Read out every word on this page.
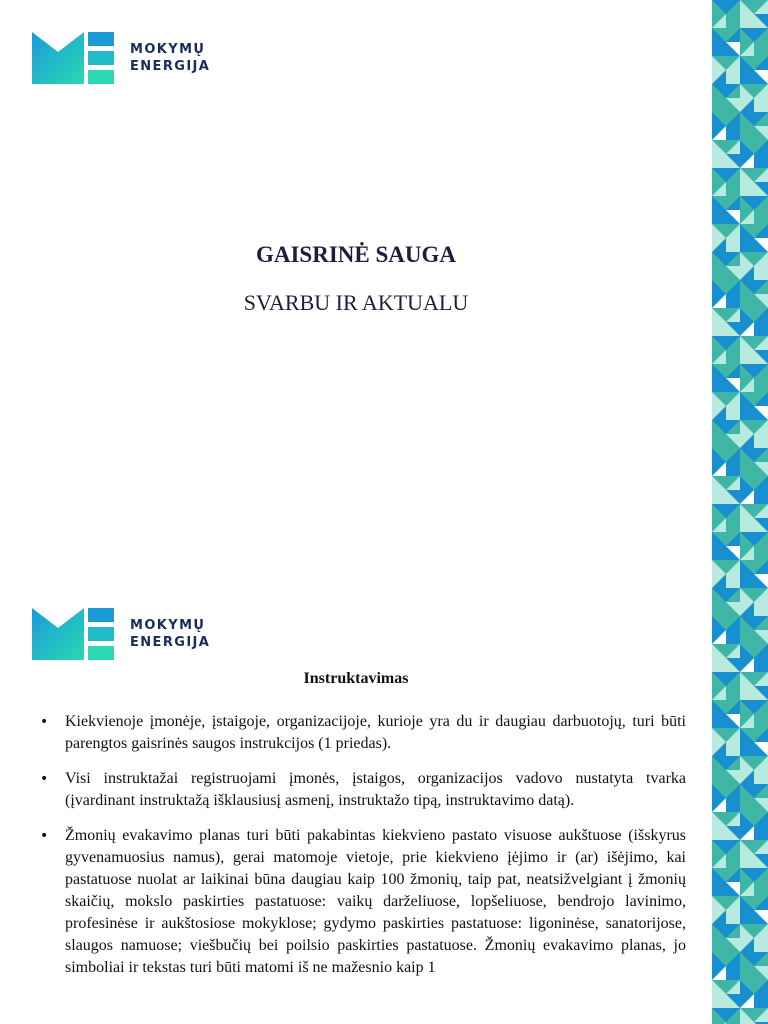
MOKYMŲ
ENERGIJA
GAISRINĖ SAUGA
SVARBU IR AKTUALU
MOKYMŲ
ENERGIJA
Instruktavimas
• Kiekvienoje įmonėje, įstaigoje, organizacijoje, kurioje yra du ir daugiau darbuotojų, turi būti parengtos gaisrinės saugos instrukcijos (1 priedas).
• Visi instruktažai registruojami įmonės, įstaigos, organizacijos vadovo nustatyta tvarka (įvardinant instruktažą išklausiusį asmenį, instruktažo tipą, instruktavimo datą).
• Žmonių evakavimo planas turi būti pakabintas kiekvieno pastato visuose aukštuose (išskyrus gyvenamuosius namus), gerai matomoje vietoje, prie kiekvieno įėjimo ir (ar) išėjimo, kai pastatuose nuolat ar laikinai būna daugiau kaip 100 žmonių, taip pat, neatsižvelgiant į žmonių skaičių, mokslo paskirties pastatuose: vaikų darželiuose, lopšeliuose, bendrojo lavinimo, profesinėse ir aukštosiose mokyklose; gydymo paskirties pastatuose: ligoninėse, sanatorijose, slaugos namuose; viešbučių bei poilsio paskirties pastatuose. Žmonių evakavimo planas, jo simboliai ir tekstas turi būti matomi iš ne mažesnio kaip 1
